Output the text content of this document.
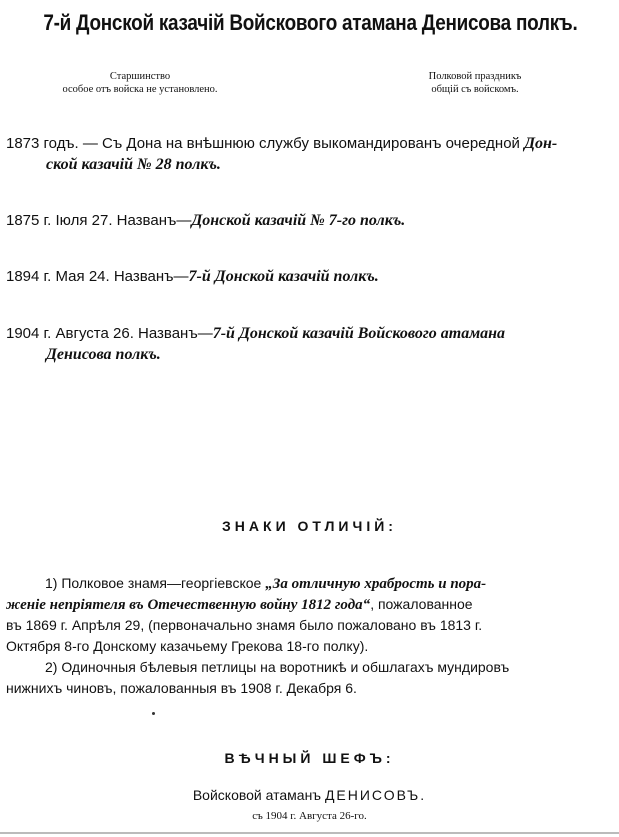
7-й Донской казачій Войскового атамана Денисова полкъ.
Старшинство
особое отъ войска не установлено.
Полковой праздникъ
общій съ войскомъ.
1873 годъ. — Съ Дона на внѣшнюю службу выкомандированъ очередной Дон-
ской казачій № 28 полкъ.
1875 г. Іюля 27. Названъ—Донской казачій № 7-го полкъ.
1894 г. Мая 24. Названъ—7-й Донской казачій полкъ.
1904 г. Августа 26. Названъ—7-й Донской казачій Войскового атамана
Денисова полкъ.
ЗНАКИ ОТЛИЧІЙ:
1) Полковое знамя—георгіевское „За отличную храбрость и пора-
женіе непріятеля въ Отечественную войну 1812 года“, пожалованное
въ 1869 г. Апрѣля 29, (первоначально знамя было пожаловано въ 1813 г.
Октября 8-го Донскому казачьему Грекова 18-го полку).
2) Одиночныя бѣлевыя петлицы на воротникѣ и обшлагахъ мундировъ
нижнихъ чиновъ, пожалованныя въ 1908 г. Декабря 6.
ВѢЧНЫЙ ШЕФЪ:
Войсковой атаманъ ДЕНИСОВЪ.
съ 1904 г. Августа 26-го.
